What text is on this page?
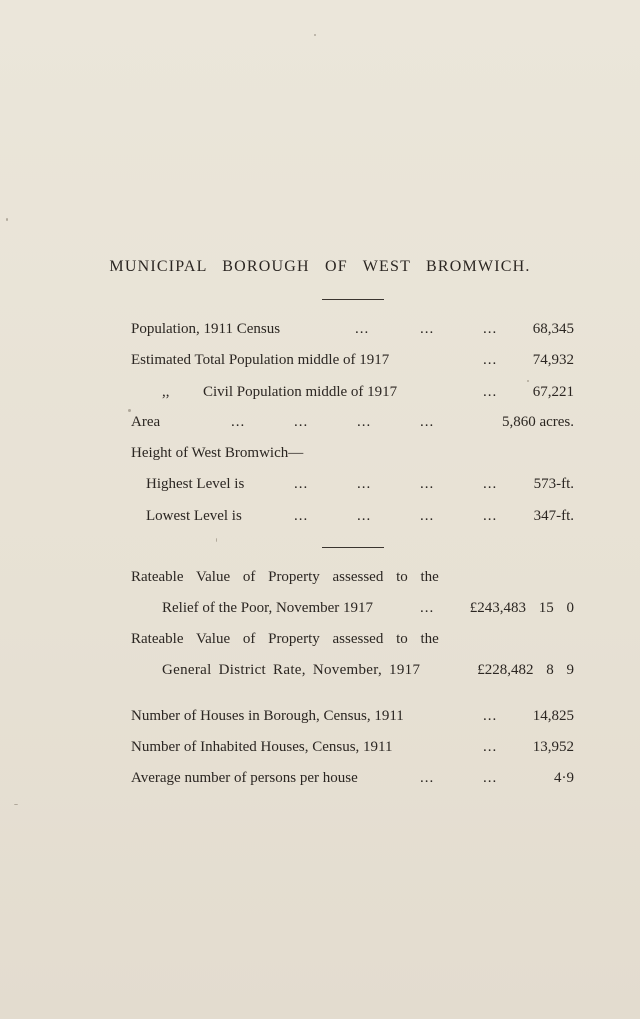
MUNICIPAL BOROUGH OF WEST BROMWICH.
Population, 1911 Census	...	...	... 68,345
Estimated Total Population middle of 1917	... 74,932
,, Civil Population middle of 1917	... 67,221
Area	...	...	...	...	5,860 acres.
Height of West Bromwich—
Highest Level is	...	...	...	... 573-ft.
Lowest Level is	...	...	...	... 347-ft.
Rateable Value of Property assessed to the
Relief of the Poor, November 1917	... £243,483 15 0
Rateable Value of Property assessed to the
General District Rate, November, 1917	£228,482 8 9
Number of Houses in Borough, Census, 1911	... 14,825
Number of Inhabited Houses, Census, 1911	... 13,952
Average number of persons per house	...	...	4·9
